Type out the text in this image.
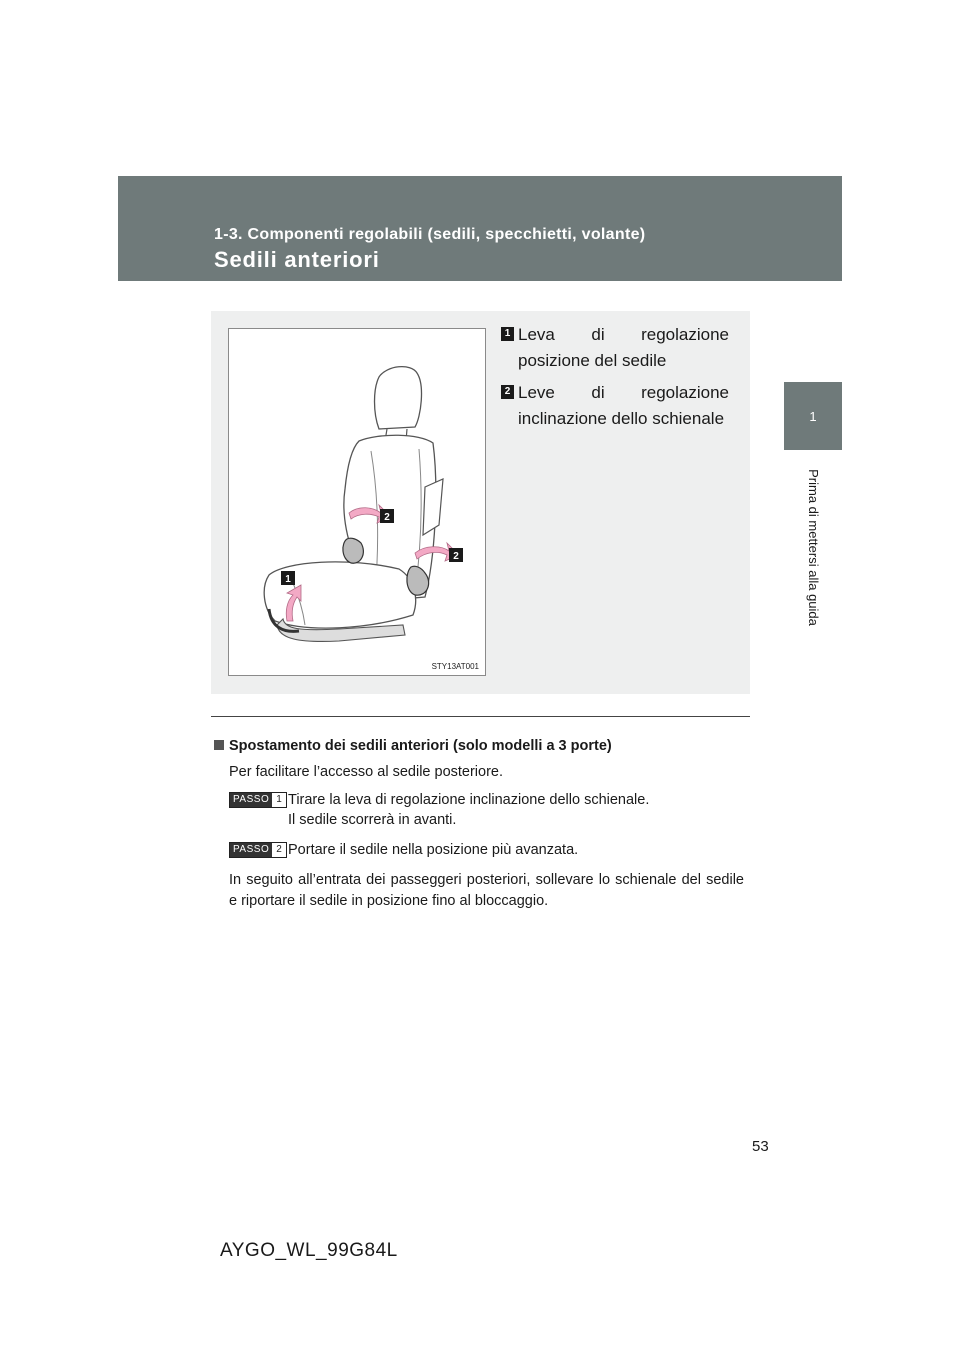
1-3. Componenti regolabili (sedili, specchietti, volante)
Sedili anteriori
1
Prima di mettersi alla guida
1
2
2
STY13AT001
1 Leva di regolazione
posizione del sedile
2 Leve di regolazione
inclinazione dello schienale

Spostamento dei sedili anteriori (solo modelli a 3 porte)

Per facilitare l’accesso al sedile posteriore.

PASSO 1 Tirare la leva di regolazione inclinazione dello schienale.
Il sedile scorrerà in avanti.
PASSO 2 Portare il sedile nella posizione più avanzata.

In seguito all’entrata dei passeggeri posteriori, sollevare lo schienale del sedile e riportare il sedile in posizione fino al bloccaggio.

53
AYGO_WL_99G84L
